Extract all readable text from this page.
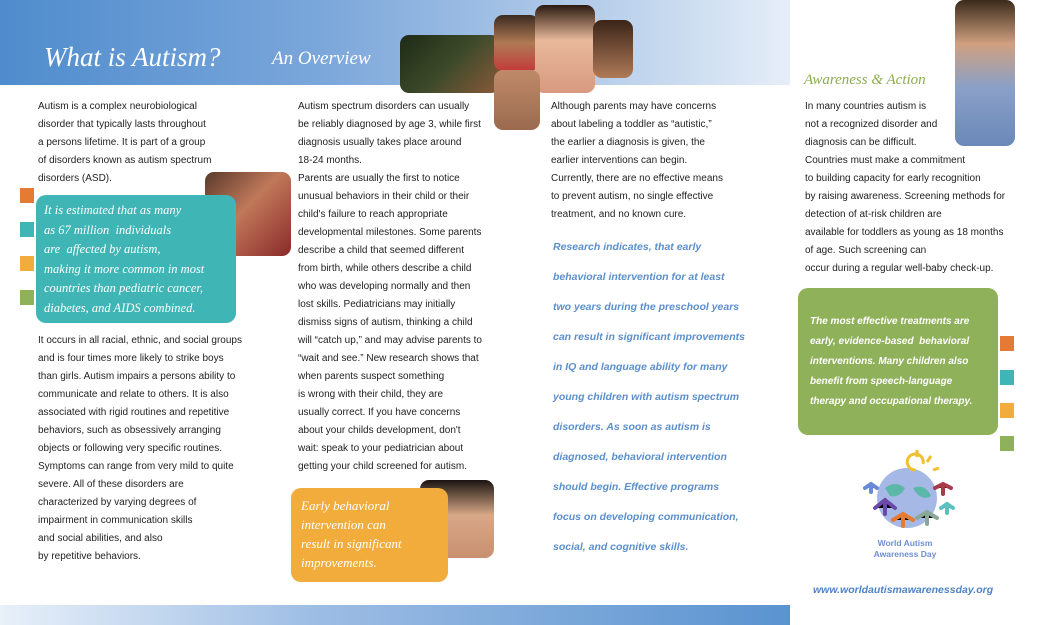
What is Autism?	An Overview
Awareness & Action

Autism is a complex neurobiological
disorder that typically lasts throughout
a persons lifetime. It is part of a group
of disorders known as autism spectrum
disorders (ASD).

It is estimated that as many
as 67 million  individuals
are  affected by autism,
making it more common in most
countries than pediatric cancer,
diabetes, and AIDS combined.

It occurs in all racial, ethnic, and social groups
and is four times more likely to strike boys
than girls. Autism impairs a persons ability to
communicate and relate to others. It is also
associated with rigid routines and repetitive
behaviors, such as obsessively arranging
objects or following very specific routines.
Symptoms can range from very mild to quite
severe. All of these disorders are
characterized by varying degrees of
impairment in communication skills
and social abilities, and also
by repetitive behaviors.

Autism spectrum disorders can usually
be reliably diagnosed by age 3, while first
diagnosis usually takes place around
18-24 months.
Parents are usually the first to notice
unusual behaviors in their child or their
child's failure to reach appropriate
developmental milestones. Some parents
describe a child that seemed different
from birth, while others describe a child
who was developing normally and then
lost skills. Pediatricians may initially
dismiss signs of autism, thinking a child
will “catch up,” and may advise parents to
“wait and see.” New research shows that
when parents suspect something
is wrong with their child, they are
usually correct. If you have concerns
about your childs development, don't
wait: speak to your pediatrician about
getting your child screened for autism.

Early behavioral
intervention can
result in significant
improvements.

Although parents may have concerns
about labeling a toddler as “autistic,”
the earlier a diagnosis is given, the
earlier interventions can begin.
Currently, there are no effective means
to prevent autism, no single effective
treatment, and no known cure.

Research indicates, that early
behavioral intervention for at least
two years during the preschool years
can result in significant improvements
in IQ and language ability for many
young children with autism spectrum
disorders. As soon as autism is
diagnosed, behavioral intervention
should begin. Effective programs
focus on developing communication,
social, and cognitive skills.

In many countries autism is
not a recognized disorder and
diagnosis can be difficult.
Countries must make a commitment
to building capacity for early recognition
by raising awareness. Screening methods for
detection of at-risk children are
available for toddlers as young as 18 months
of age. Such screening can
occur during a regular well-baby check-up.

The most effective treatments are
early, evidence-based  behavioral
interventions. Many children also
benefit from speech-language
therapy and occupational therapy.
World Autism
Awareness Day
www.worldautismawarenessday.org
